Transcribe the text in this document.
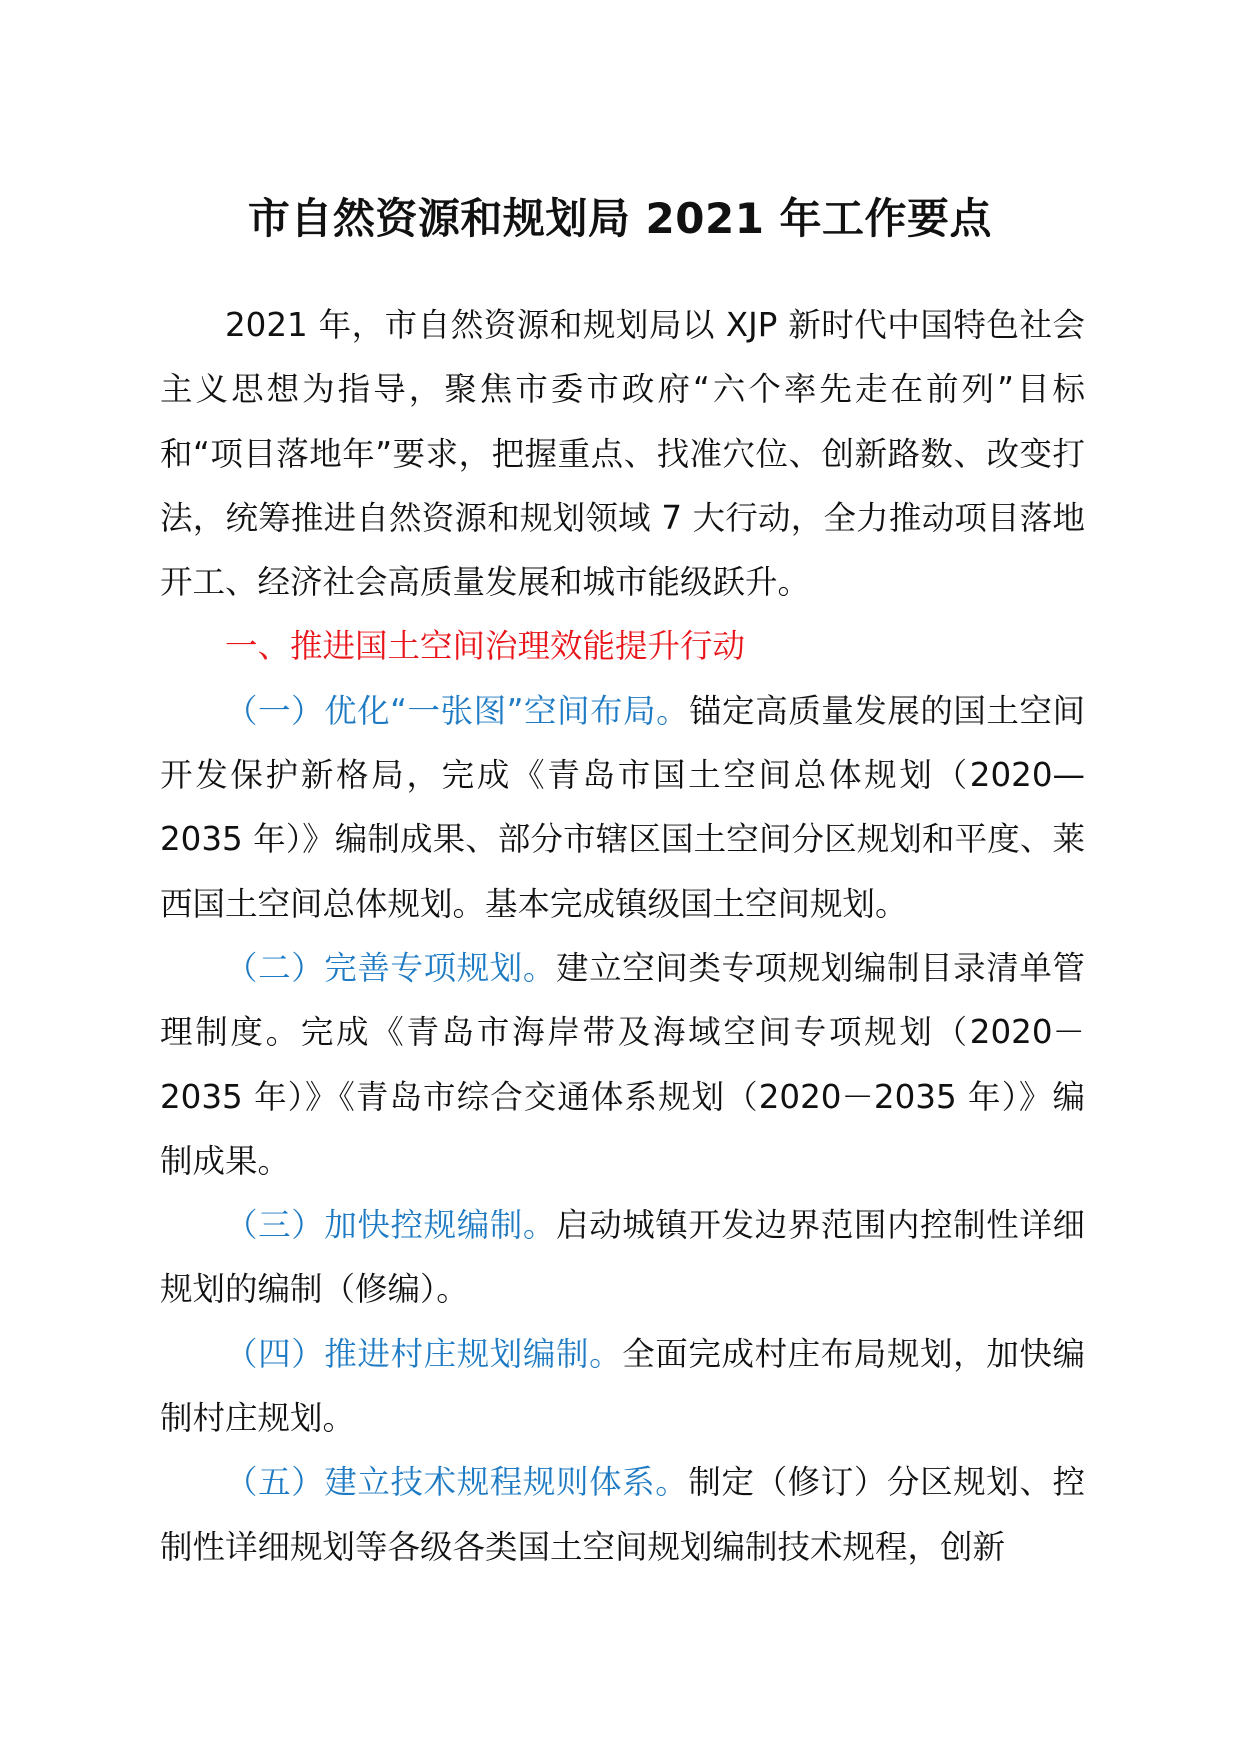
市自然资源和规划局 2021 年工作要点

2021 年，市自然资源和规划局以 XJP 新时代中国特色社会主义思想为指导，聚焦市委市政府“六个率先走在前列”目标和“项目落地年”要求，把握重点、找准穴位、创新路数、改变打法，统筹推进自然资源和规划领域 7 大行动，全力推动项目落地开工、经济社会高质量发展和城市能级跃升。

一、推进国土空间治理效能提升行动

（一）优化“一张图”空间布局。锚定高质量发展的国土空间开发保护新格局，完成《青岛市国土空间总体规划（2020—2035 年）》编制成果、部分市辖区国土空间分区规划和平度、莱西国土空间总体规划。基本完成镇级国土空间规划。

（二）完善专项规划。建立空间类专项规划编制目录清单管理制度。完成《青岛市海岸带及海域空间专项规划（2020－2035 年）》《青岛市综合交通体系规划（2020－2035 年）》编制成果。

（三）加快控规编制。启动城镇开发边界范围内控制性详细规划的编制（修编）。

（四）推进村庄规划编制。全面完成村庄布局规划，加快编制村庄规划。

（五）建立技术规程规则体系。制定（修订）分区规划、控制性详细规划等各级各类国土空间规划编制技术规程，创新
